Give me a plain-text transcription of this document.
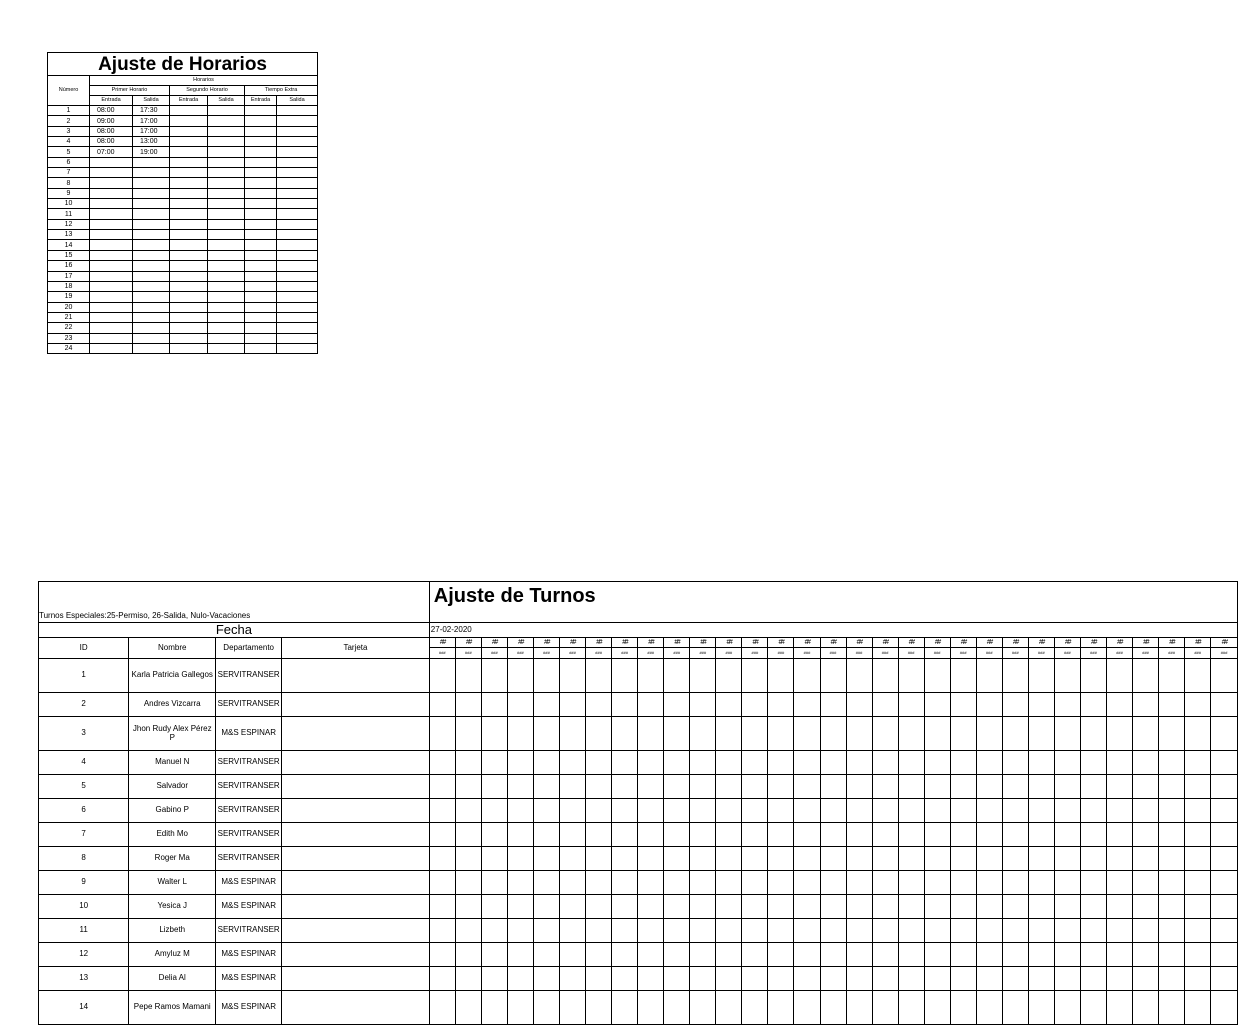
Ajuste de Horarios						
Número	Horarios					
	Primer Horario		Segundo Horario		Tiempo Extra	
	Entrada	Salida	Entrada	Salida	Entrada	Salida
1	08:00	17:30				
2	09:00	17:00				
3	08:00	17:00				
4	08:00	13:00				
5	07:00	19:00				
6						
7						
8						
9						
10						
11						
12						
13						
14						
15						
16						
17						
18						
19						
20						
21						
22						
23						
24						
				Ajuste de Turnos																														
Turnos Especiales:25-Permiso, 26-Salida, Nulo-Vacaciones																																		
Fecha				27-02-2020																														
ID	Nombre	Departamento	Tarjeta	##	##	##	##	##	##	##	##	##	##	##	##	##	##	##	##	##	##	##	##	##	##	##	##	##	##	##	##	##	##	##
				###	###	###	###	###	###	###	###	###	###	###	###	###	###	###	###	###	###	###	###	###	###	###	###	###	###	###	###	###	###	###
1	Karla Patricia Gallegos	SERVITRANSER																																
2	Andres Vizcarra	SERVITRANSER																																
3	Jhon Rudy Alex Pérez P	M&S ESPINAR																																
4	Manuel N	SERVITRANSER																																
5	Salvador	SERVITRANSER																																
6	Gabino P	SERVITRANSER																																
7	Edith Mo	SERVITRANSER																																
8	Roger Ma	SERVITRANSER																																
9	Walter L	M&S ESPINAR																																
10	Yesica J	M&S ESPINAR																																
11	Lizbeth	SERVITRANSER																																
12	Amyluz M	M&S ESPINAR																																
13	Delia Al	M&S ESPINAR																																
14	Pepe Ramos Mamani	M&S ESPINAR																																
